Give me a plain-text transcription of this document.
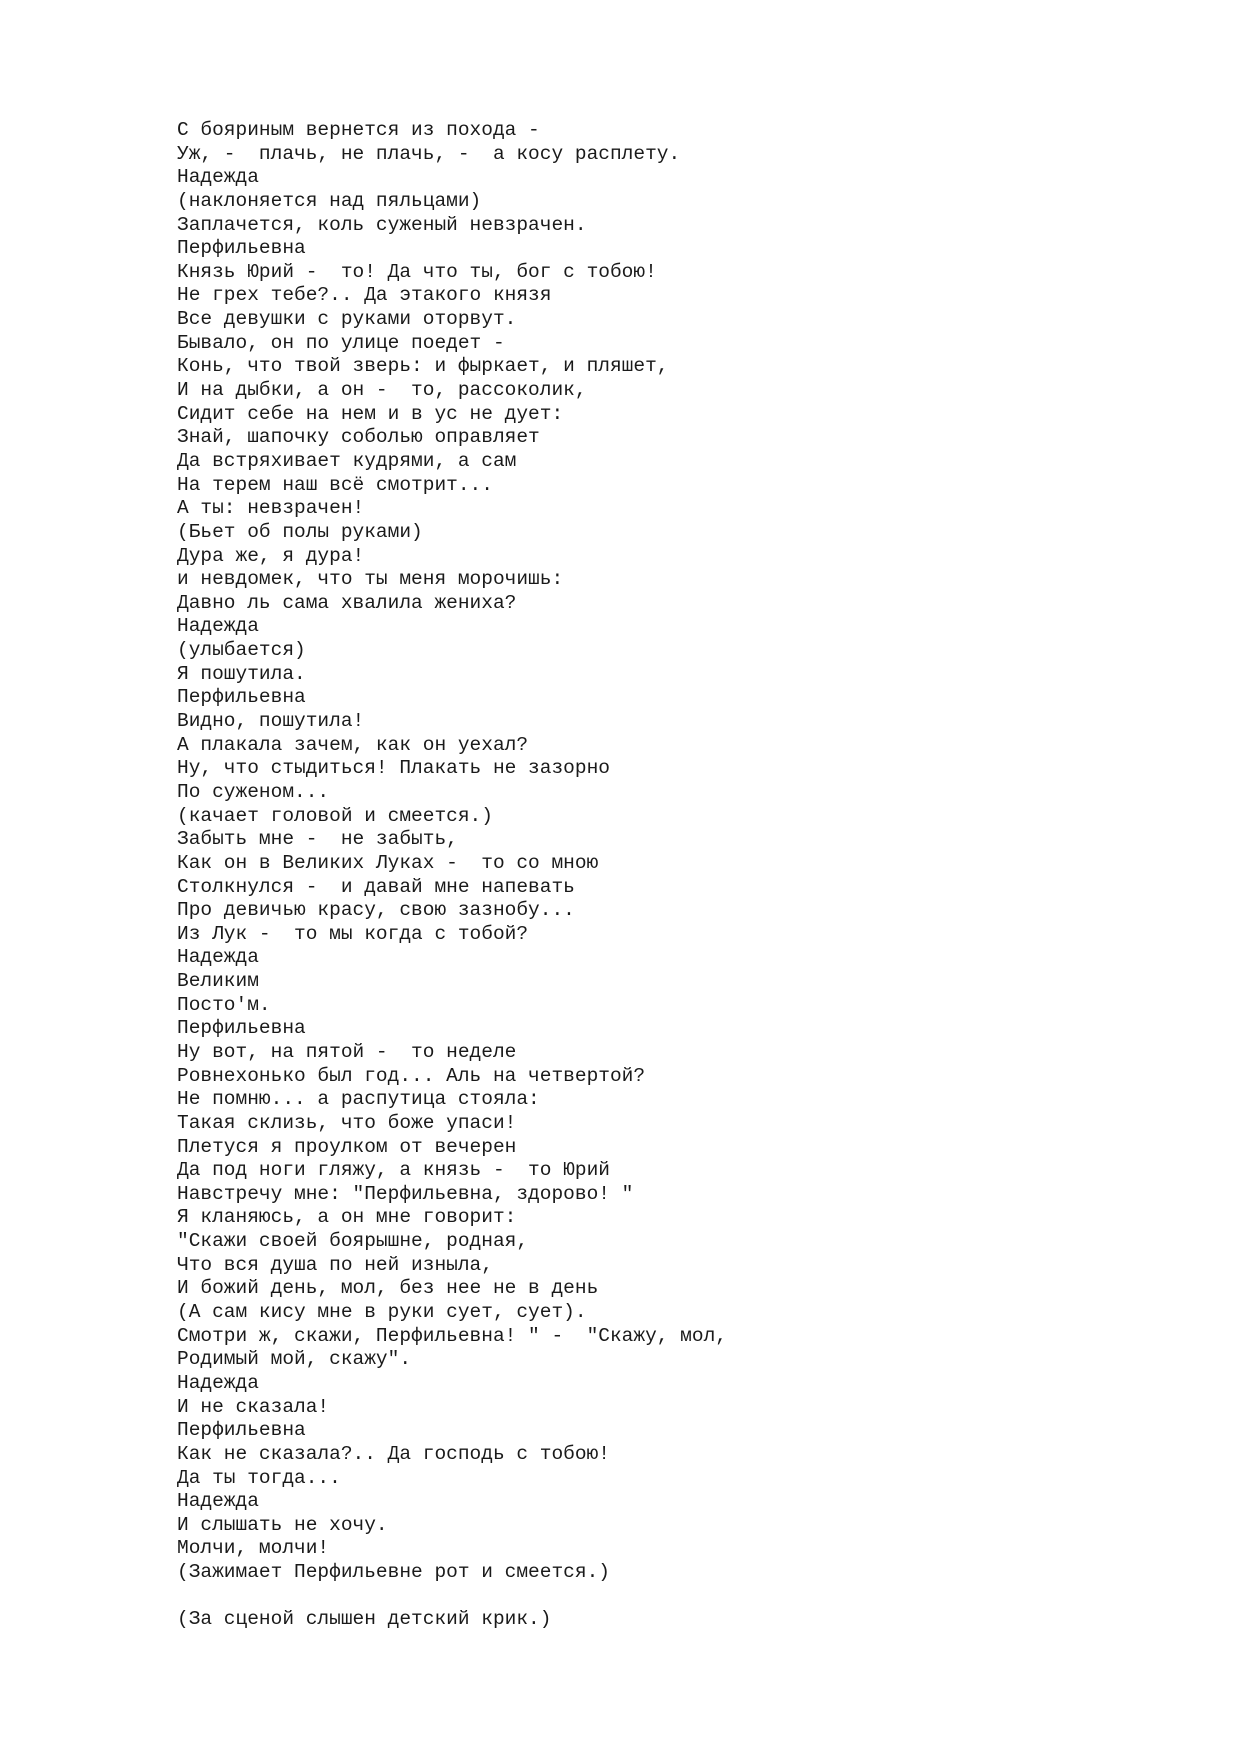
С бояриным вернется из похода -
Уж, -  плачь, не плачь, -  а косу расплету.
Надежда
(наклоняется над пяльцами)
Заплачется, коль суженый невзрачен.
Перфильевна
Князь Юрий -  то! Да что ты, бог с тобою!
Не грех тебе?.. Да этакого князя
Все девушки с руками оторвут.
Бывало, он по улице поедет -
Конь, что твой зверь: и фыркает, и пляшет,
И на дыбки, а он -  то, рассоколик,
Сидит себе на нем и в ус не дует:
Знай, шапочку соболью оправляет
Да встряхивает кудрями, а сам
На терем наш всё смотрит...
А ты: невзрачен!
(Бьет об полы руками)
Дура же, я дура!
и невдомек, что ты меня морочишь:
Давно ль сама хвалила жениха?
Надежда
(улыбается)
Я пошутила.
Перфильевна
Видно, пошутила!
А плакала зачем, как он уехал?
Ну, что стыдиться! Плакать не зазорно
По суженом...
(качает головой и смеется.)
Забыть мне -  не забыть,
Как он в Великих Луках -  то со мною
Столкнулся -  и давай мне напевать
Про девичью красу, свою зазнобу...
Из Лук -  то мы когда с тобой?
Надежда
Великим
Посто'м.
Перфильевна
Ну вот, на пятой -  то неделе
Ровнехонько был год... Аль на четвертой?
Не помню... а распутица стояла:
Такая склизь, что боже упаси!
Плетуся я проулком от вечерен
Да под ноги гляжу, а князь -  то Юрий
Навстречу мне: "Перфильевна, здорово! "
Я кланяюсь, а он мне говорит:
"Скажи своей боярышне, родная,
Что вся душа по ней изныла,
И божий день, мол, без нее не в день
(А сам кису мне в руки сует, сует).
Смотри ж, скажи, Перфильевна! " -  "Скажу, мол,
Родимый мой, скажу".
Надежда
И не сказала!
Перфильевна
Как не сказала?.. Да господь с тобою!
Да ты тогда...
Надежда
И слышать не хочу.
Молчи, молчи!
(Зажимает Перфильевне рот и смеется.)
(За сценой слышен детский крик.)
